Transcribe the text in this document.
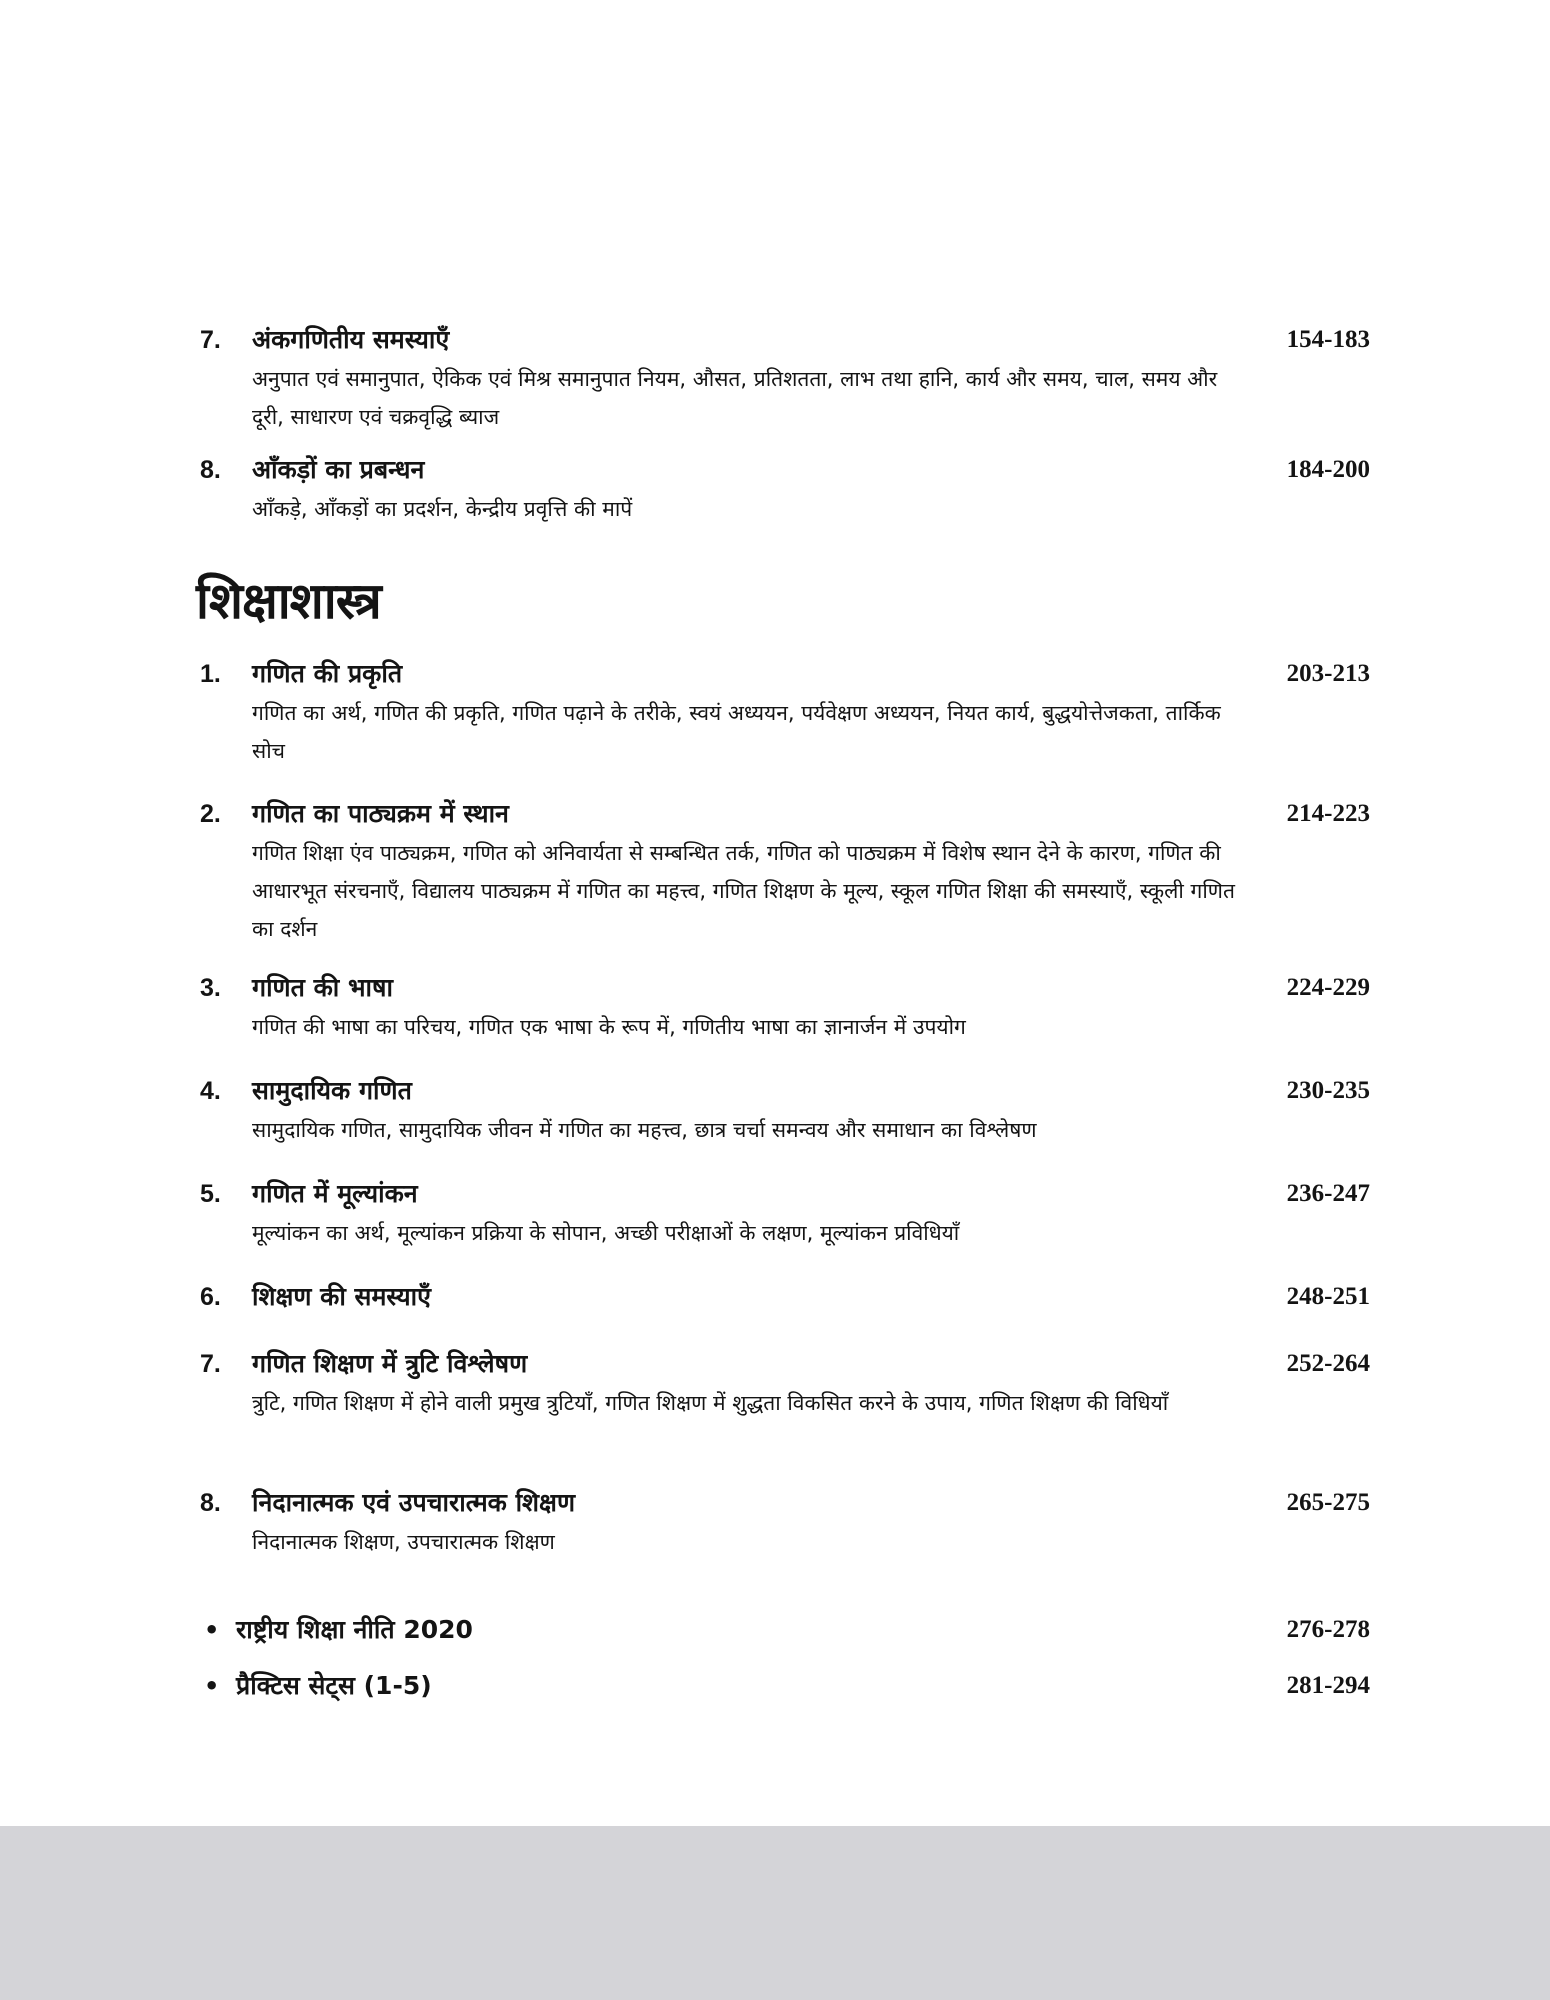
7. अंकगणितीय समस्याएँ	154-183
अनुपात एवं समानुपात, ऐकिक एवं मिश्र समानुपात नियम, औसत, प्रतिशतता, लाभ तथा हानि, कार्य और समय, चाल, समय और दूरी, साधारण एवं चक्रवृद्धि ब्याज
8. आँकड़ों का प्रबन्धन	184-200
आँकड़े, आँकड़ों का प्रदर्शन, केन्द्रीय प्रवृत्ति की मापें
शिक्षाशास्त्र
1. गणित की प्रकृति	203-213
गणित का अर्थ, गणित की प्रकृति, गणित पढ़ाने के तरीके, स्वयं अध्ययन, पर्यवेक्षण अध्ययन, नियत कार्य, बुद्धयोत्तेजकता, तार्किक सोच
2. गणित का पाठ्यक्रम में स्थान	214-223
गणित शिक्षा एंव पाठ्यक्रम, गणित को अनिवार्यता से सम्बन्धित तर्क, गणित को पाठ्यक्रम में विशेष स्थान देने के कारण, गणित की आधारभूत संरचनाएँ, विद्यालय पाठ्यक्रम में गणित का महत्त्व, गणित शिक्षण के मूल्य, स्कूल गणित शिक्षा की समस्याएँ, स्कूली गणित का दर्शन
3. गणित की भाषा	224-229
गणित की भाषा का परिचय, गणित एक भाषा के रूप में, गणितीय भाषा का ज्ञानार्जन में उपयोग
4. सामुदायिक गणित	230-235
सामुदायिक गणित, सामुदायिक जीवन में गणित का महत्त्व, छात्र चर्चा समन्वय और समाधान का विश्लेषण
5. गणित में मूल्यांकन	236-247
मूल्यांकन का अर्थ, मूल्यांकन प्रक्रिया के सोपान, अच्छी परीक्षाओं के लक्षण, मूल्यांकन प्रविधियाँ
6. शिक्षण की समस्याएँ	248-251
7. गणित शिक्षण में त्रुटि विश्लेषण	252-264
त्रुटि, गणित शिक्षण में होने वाली प्रमुख त्रुटियाँ, गणित शिक्षण में शुद्धता विकसित करने के उपाय, गणित शिक्षण की विधियाँ
8. निदानात्मक एवं उपचारात्मक शिक्षण	265-275
निदानात्मक शिक्षण, उपचारात्मक शिक्षण
• राष्ट्रीय शिक्षा नीति 2020	276-278
• प्रैक्टिस सेट्स (1-5)	281-294
